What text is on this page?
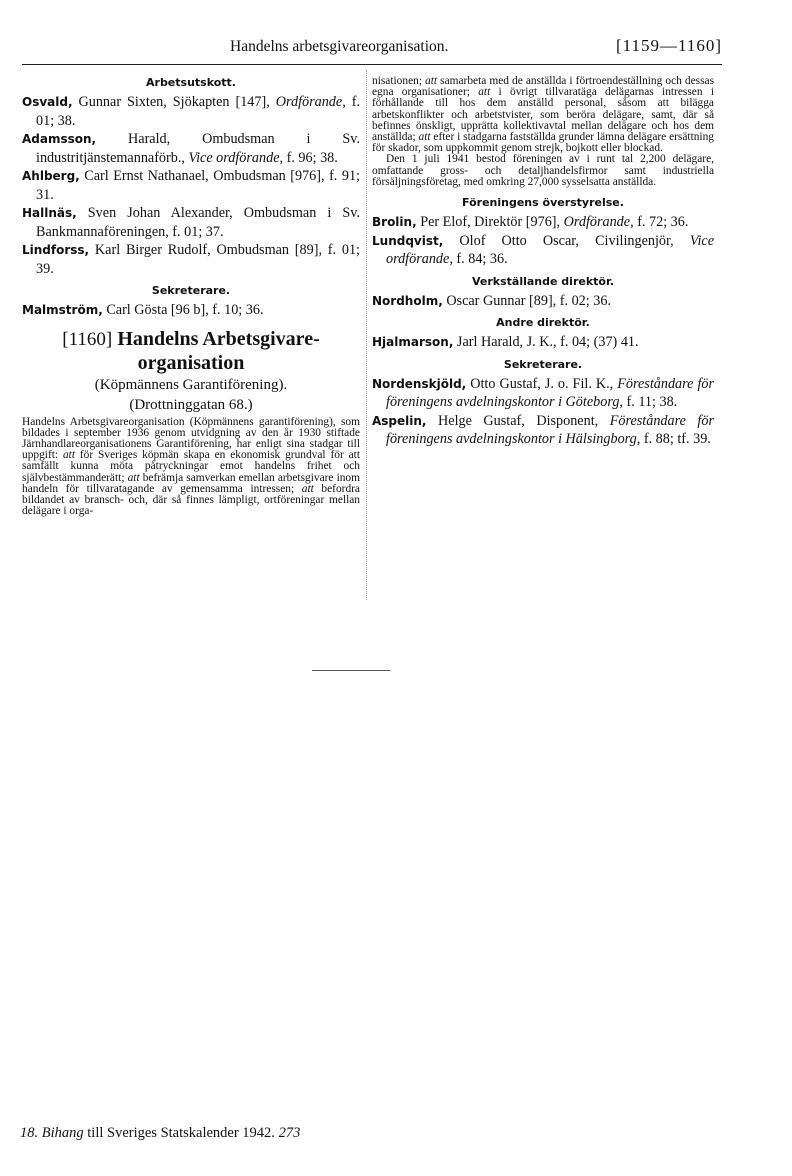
Handelns arbetsgivareorganisation.	[1159—1160]
Arbetsutskott.
Osvald, Gunnar Sixten, Sjökapten [147], Ordförande, f. 01; 38.
Adamsson, Harald, Ombudsman i Sv. industritjänstemannaförb., Vice ordförande, f. 96; 38.
Ahlberg, Carl Ernst Nathanael, Ombudsman [976], f. 91; 31.
Hallnäs, Sven Johan Alexander, Ombudsman i Sv. Bankmannaföreningen, f. 01; 37.
Lindforss, Karl Birger Rudolf, Ombudsman [89], f. 01; 39.
Sekreterare.
Malmström, Carl Gösta [96 b], f. 10; 36.
[1160] Handelns Arbetsgivare-
organisation
(Köpmännens Garantiförening).
(Drottninggatan 68.)
Handelns Arbetsgivareorganisation (Köpmännens garantiförening), som bildades i september 1936 genom utvidgning av den år 1930 stiftade Järnhandlareorganisationens Garantiförening, har enligt sina stadgar till uppgift: att för Sveriges köpmän skapa en ekonomisk grundval för att samfällt kunna möta påtryckningar emot handelns frihet och självbestämmanderätt; att befrämja samverkan emellan arbetsgivare inom handeln för tillvaratagande av gemensamma intressen; att befordra bildandet av bransch- och, där så finnes lämpligt, ortföreningar mellan delägare i orga-
nisationen; att samarbeta med de anställda i förtroendeställning och dessas egna organisationer; att i övrigt tillvaratäga delägarnas intressen i förhållande till hos dem anställd personal, såsom att bilägga arbetskonflikter och arbetstvister, som beröra delägare, samt, där så befinnes önskligt, upprätta kollektivavtal mellan delägare och hos dem anställda; att efter i stadgarna fastställda grunder lämna delägare ersättning för skador, som uppkommit genom strejk, bojkott eller blockad.
Den 1 juli 1941 bestod föreningen av i runt tal 2,200 delägare, omfattande gross- och detaljhandelsfirmor samt industriella försäljningsföretag, med omkring 27,000 sysselsatta anställda.
Föreningens överstyrelse.
Brolin, Per Elof, Direktör [976], Ordförande, f. 72; 36.
Lundqvist, Olof Otto Oscar, Civilingenjör, Vice ordförande, f. 84; 36.
Verkställande direktör.
Nordholm, Oscar Gunnar [89], f. 02; 36.
Andre direktör.
Hjalmarson, Jarl Harald, J. K., f. 04; (37) 41.
Sekreterare.
Nordenskjöld, Otto Gustaf, J. o. Fil. K., Föreståndare för föreningens avdelningskontor i Göteborg, f. 11; 38.
Aspelin, Helge Gustaf, Disponent, Föreståndare för föreningens avdelningskontor i Hälsingborg, f. 88; tf. 39.
18. Bihang till Sveriges Statskalender 1942. 273
